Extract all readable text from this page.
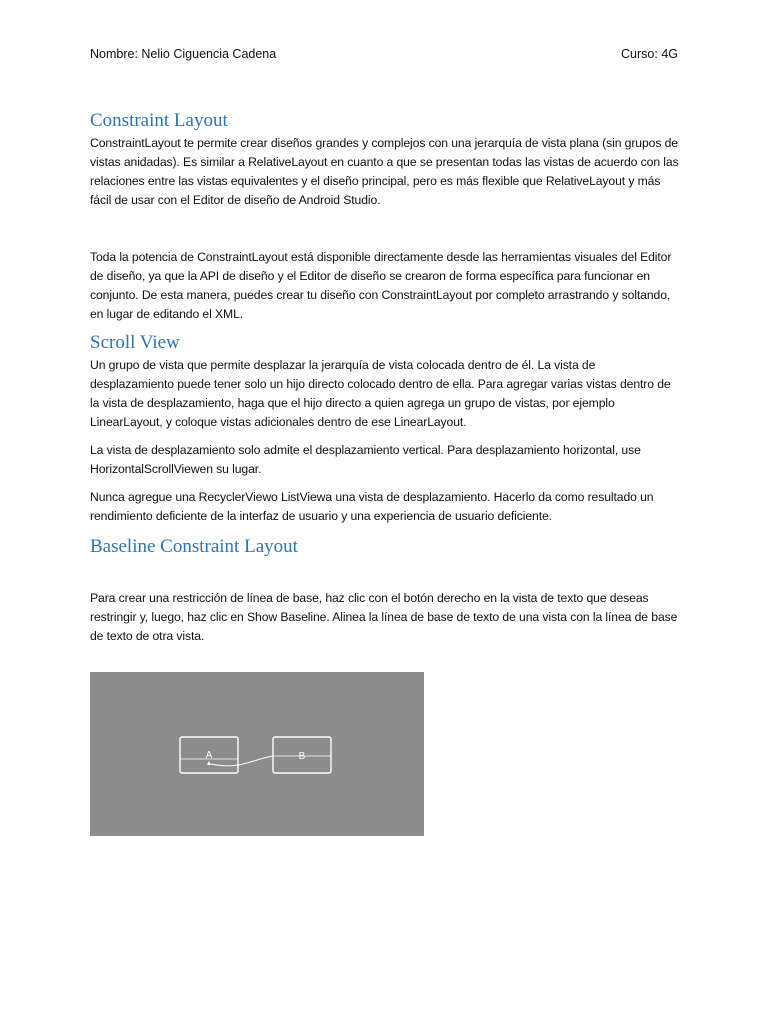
Nombre: Nelio Ciguencia Cadena	Curso: 4G
Constraint Layout

ConstraintLayout te permite crear diseños grandes y complejos con una jerarquía de vista plana (sin grupos de vistas anidadas). Es similar a RelativeLayout en cuanto a que se presentan todas las vistas de acuerdo con las relaciones entre las vistas equivalentes y el diseño principal, pero es más flexible que RelativeLayout y más fácil de usar con el Editor de diseño de Android Studio.

Toda la potencia de ConstraintLayout está disponible directamente desde las herramientas visuales del Editor de diseño, ya que la API de diseño y el Editor de diseño se crearon de forma específica para funcionar en conjunto. De esta manera, puedes crear tu diseño con ConstraintLayout por completo arrastrando y soltando, en lugar de editando el XML.

Scroll View

Un grupo de vista que permite desplazar la jerarquía de vista colocada dentro de él. La vista de desplazamiento puede tener solo un hijo directo colocado dentro de ella. Para agregar varias vistas dentro de la vista de desplazamiento, haga que el hijo directo a quien agrega un grupo de vistas, por ejemplo LinearLayout, y coloque vistas adicionales dentro de ese LinearLayout.

La vista de desplazamiento solo admite el desplazamiento vertical. Para desplazamiento horizontal, use HorizontalScrollViewen su lugar.

Nunca agregue una RecyclerViewo ListViewa una vista de desplazamiento. Hacerlo da como resultado un rendimiento deficiente de la interfaz de usuario y una experiencia de usuario deficiente.

Baseline Constraint Layout

Para crear una restricción de línea de base, haz clic con el botón derecho en la vista de texto que deseas restringir y, luego, haz clic en Show Baseline. Alinea la línea de base de texto de una vista con la línea de base de texto de otra vista.

A	B
